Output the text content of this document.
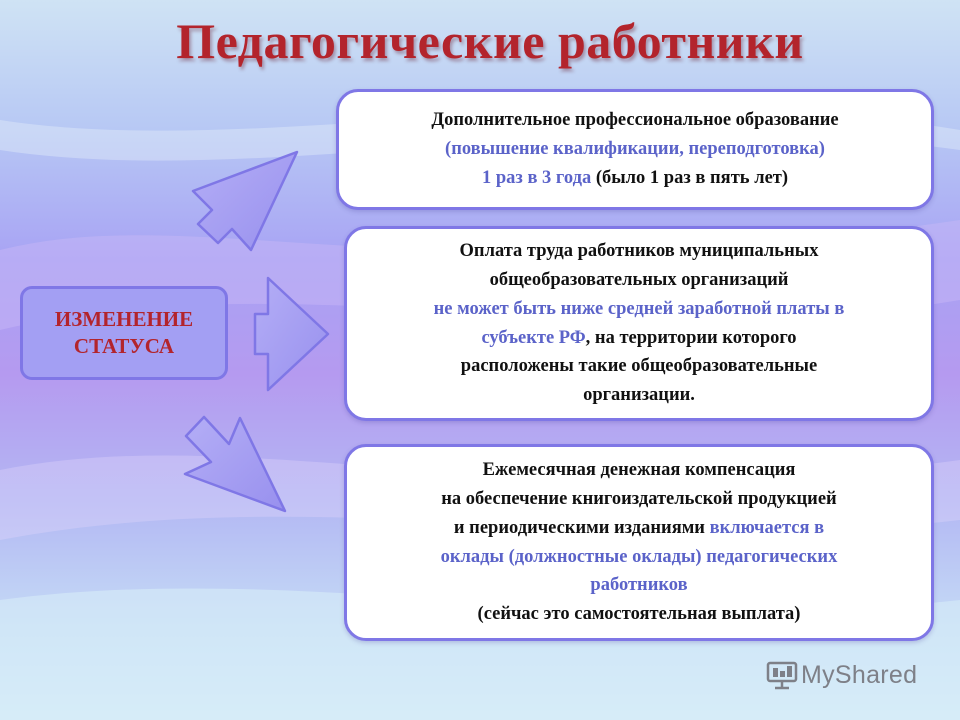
Педагогические работники
ИЗМЕНЕНИЕ
СТАТУСА
Дополнительное профессиональное образование
(повышение квалификации, переподготовка)
1 раз в 3 года (было 1 раз в пять лет)
Оплата труда работников муниципальных
общеобразовательных организаций
не может быть ниже средней заработной платы в
субъекте РФ, на территории которого
расположены такие общеобразовательные
организации.
Ежемесячная денежная компенсация
на обеспечение книгоиздательской продукцией
и периодическими изданиями включается в
оклады (должностные оклады) педагогических
работников
(сейчас это самостоятельная выплата)
MyShared
